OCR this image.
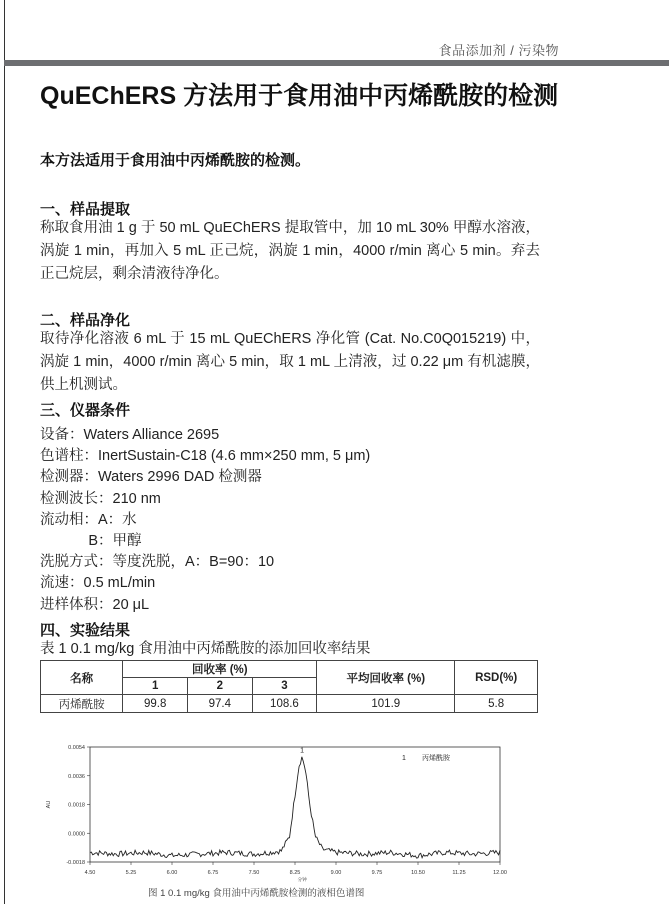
食品添加剂 / 污染物
QuEChERS 方法用于食用油中丙烯酰胺的检测
本方法适用于食用油中丙烯酰胺的检测。
一、样品提取
称取食用油 1 g 于 50 mL QuEChERS 提取管中，加 10 mL 30% 甲醇水溶液，涡旋 1 min，再加入 5 mL 正己烷，涡旋 1 min，4000 r/min 离心 5 min。弃去正己烷层，剩余清液待净化。
二、样品净化
取待净化溶液 6 mL 于 15 mL QuEChERS 净化管 (Cat. No.C0Q015219) 中， 涡旋 1 min，4000 r/min 离心 5 min，取 1 mL 上清液，过 0.22 μm 有机滤膜，供上机测试。
三、仪器条件
设备：Waters Alliance 2695
色谱柱：InertSustain-C18 (4.6 mm×250 mm, 5 μm)
检测器：Waters 2996 DAD 检测器
检测波长：210 nm
流动相：A：水
B：甲醇
洗脱方式：等度洗脱，A：B=90：10
流速：0.5 mL/min
进样体积：20 μL
四、实验结果
表 1 0.1 mg/kg 食用油中丙烯酰胺的添加回收率结果
名称	回收率 (%)			平均回收率 (%)	RSD(%)
	1	2	3		
丙烯酰胺	99.8	97.4	108.6	101.9	5.8
4.50	5.25	6.00	6.75	7.50	8.25	9.00	9.75	10.50	11.25	12.00
-0.0018
0.0000
0.0018
0.0036
0.0054
分钟
AU
1
1 丙烯酰胺
图 1 0.1 mg/kg 食用油中丙烯酰胺检测的液相色谱图
